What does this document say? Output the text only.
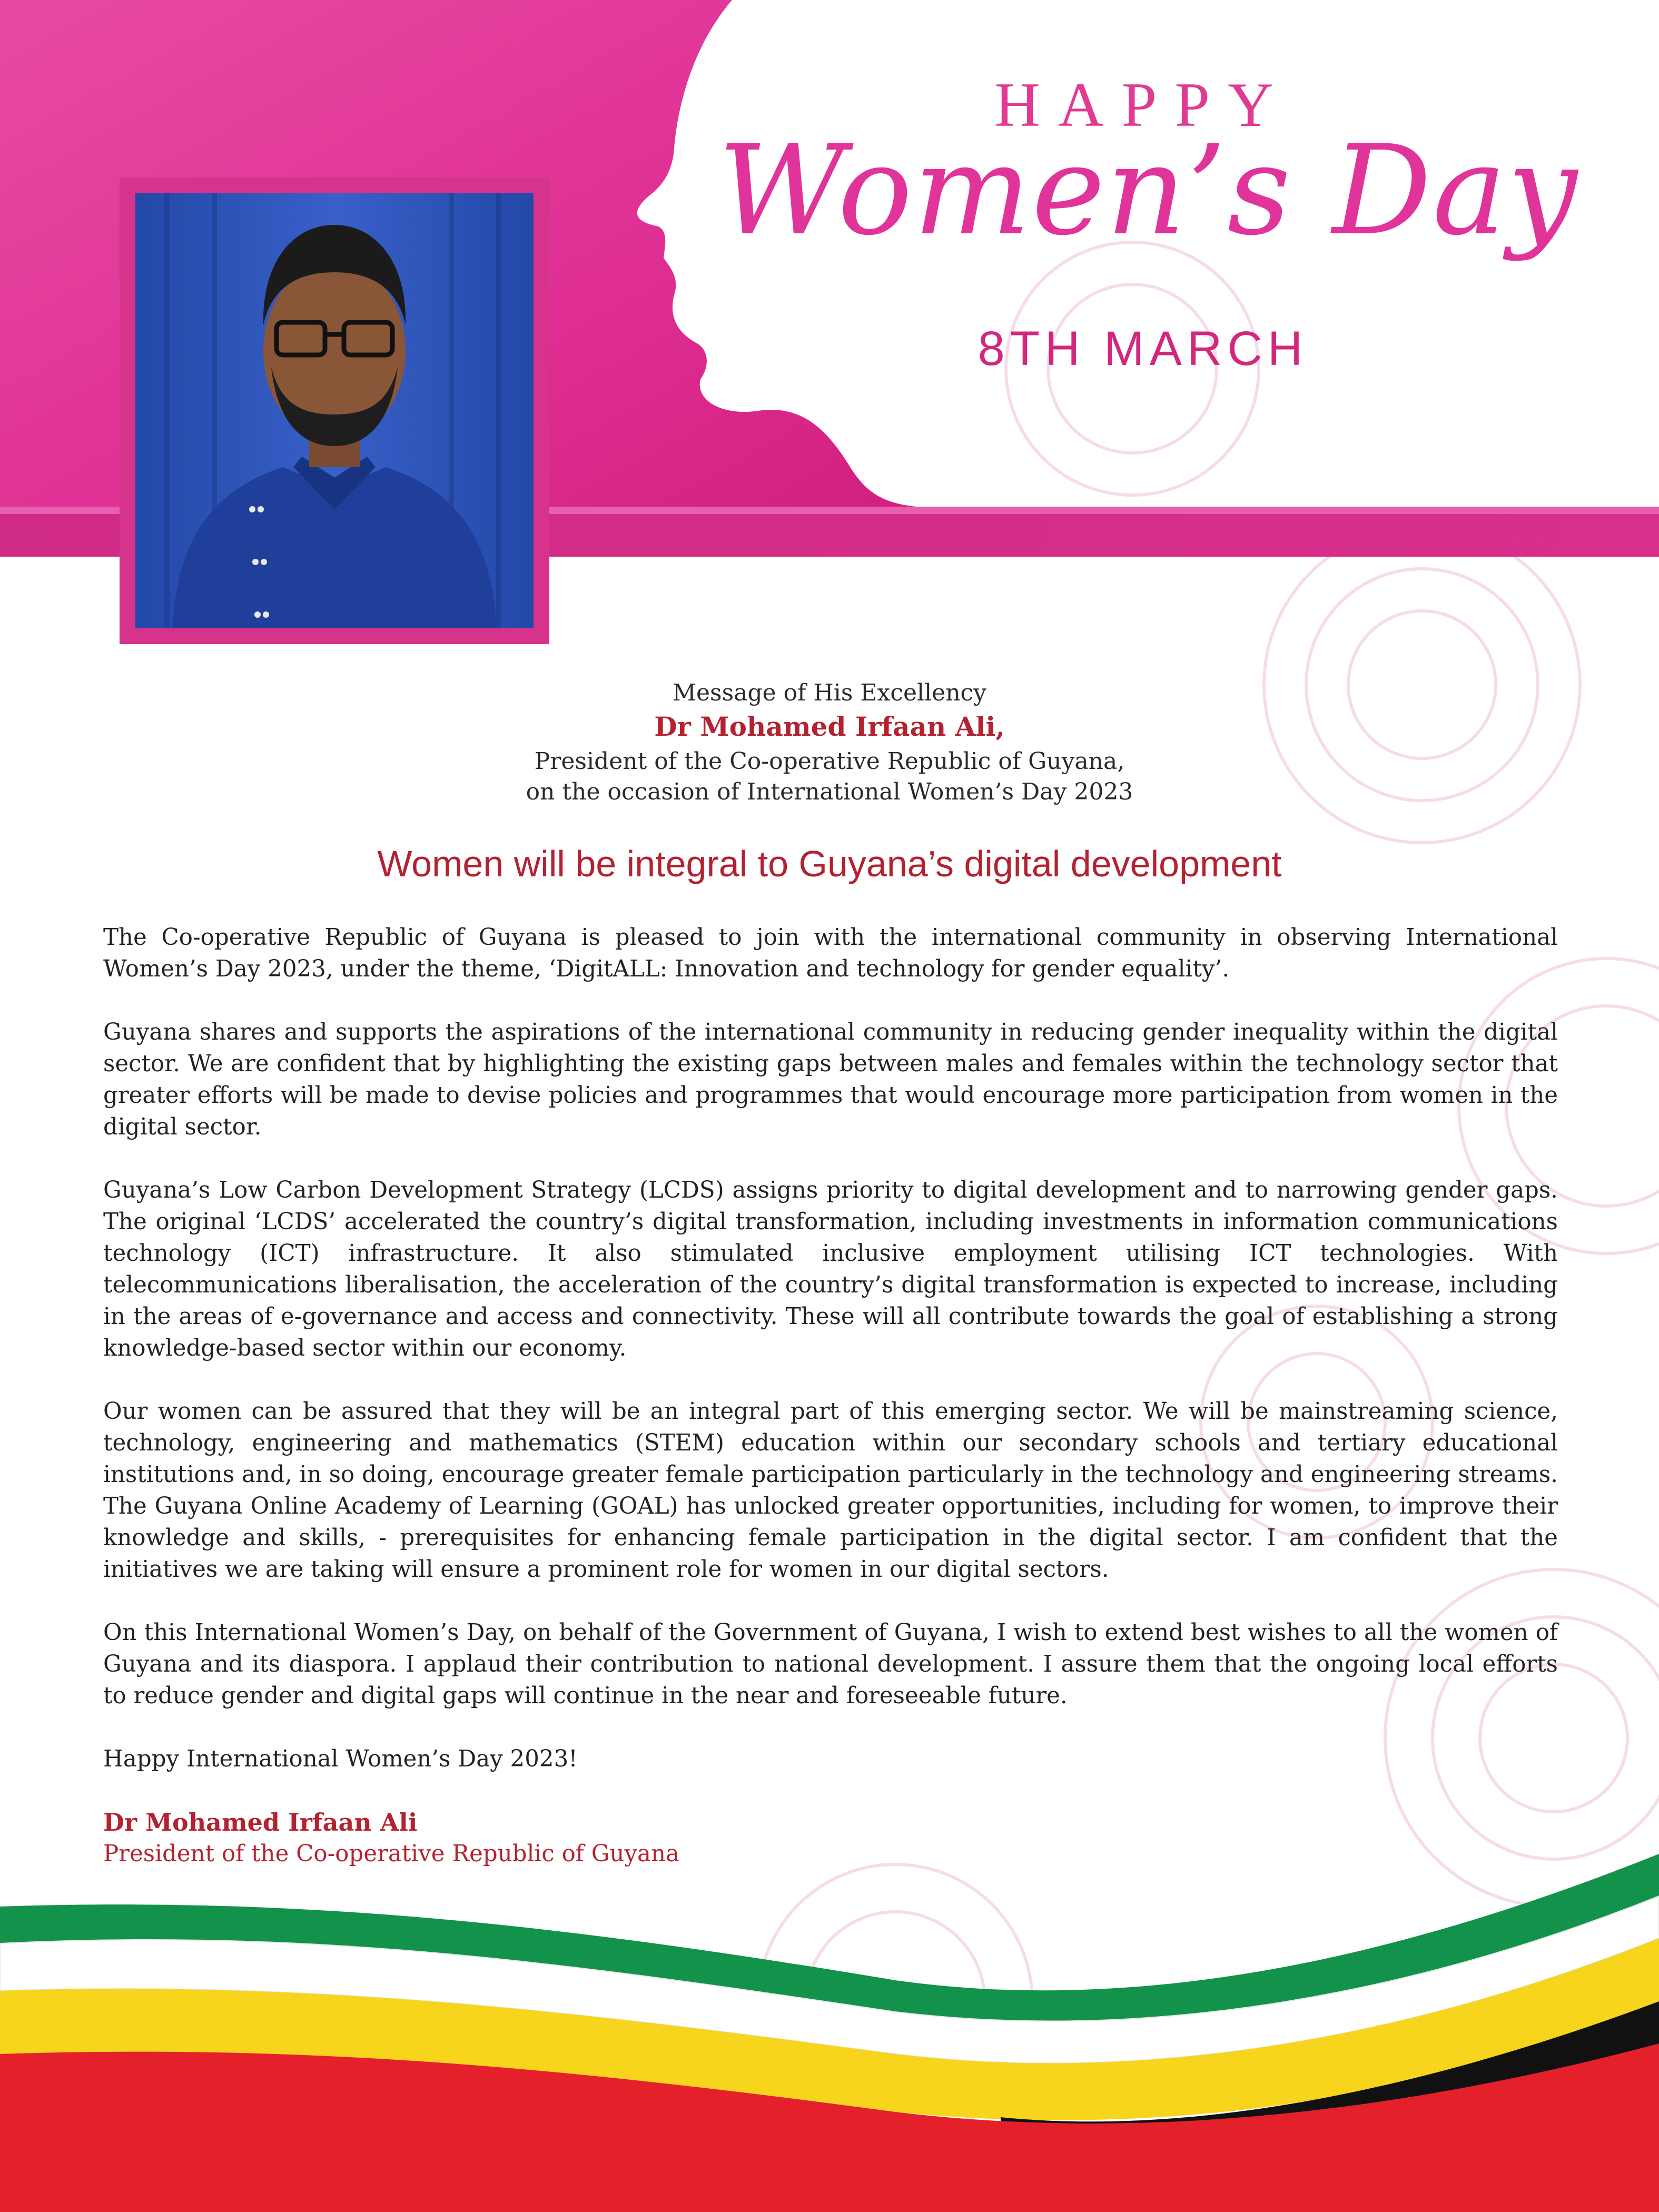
HAPPY
Women’s Day
8TH MARCH
Message of His Excellency
Dr Mohamed Irfaan Ali,
President of the Co-operative Republic of Guyana,
on the occasion of International Women’s Day 2023
Women will be integral to Guyana’s digital development

The Co-operative Republic of Guyana is pleased to join with the international community in observing International Women’s Day 2023, under the theme, ‘DigitALL: Innovation and technology for gender equality’.

Guyana shares and supports the aspirations of the international community in reducing gender inequality within the digital sector. We are confident that by highlighting the existing gaps between males and females within the technology sector that greater efforts will be made to devise policies and programmes that would encourage more participation from women in the digital sector.

Guyana’s Low Carbon Development Strategy (LCDS) assigns priority to digital development and to narrowing gender gaps. The original ‘LCDS’ accelerated the country’s digital transformation, including investments in information communications technology (ICT) infrastructure. It also stimulated inclusive employment utilising ICT technologies. With telecommunications liberalisation, the acceleration of the country’s digital transformation is expected to increase, including in the areas of e-governance and access and connectivity. These will all contribute towards the goal of establishing a strong knowledge-based sector within our economy.

Our women can be assured that they will be an integral part of this emerging sector. We will be mainstreaming science, technology, engineering and mathematics (STEM) education within our secondary schools and tertiary educational institutions and, in so doing, encourage greater female participation particularly in the technology and engineering streams. The Guyana Online Academy of Learning (GOAL) has unlocked greater opportunities, including for women, to improve their knowledge and skills, - prerequisites for enhancing female participation in the digital sector. I am confident that the initiatives we are taking will ensure a prominent role for women in our digital sectors.

On this International Women’s Day, on behalf of the Government of Guyana, I wish to extend best wishes to all the women of Guyana and its diaspora. I applaud their contribution to national development. I assure them that the ongoing local efforts to reduce gender and digital gaps will continue in the near and foreseeable future.

Happy International Women’s Day 2023!

Dr Mohamed Irfaan Ali

President of the Co-operative Republic of Guyana
